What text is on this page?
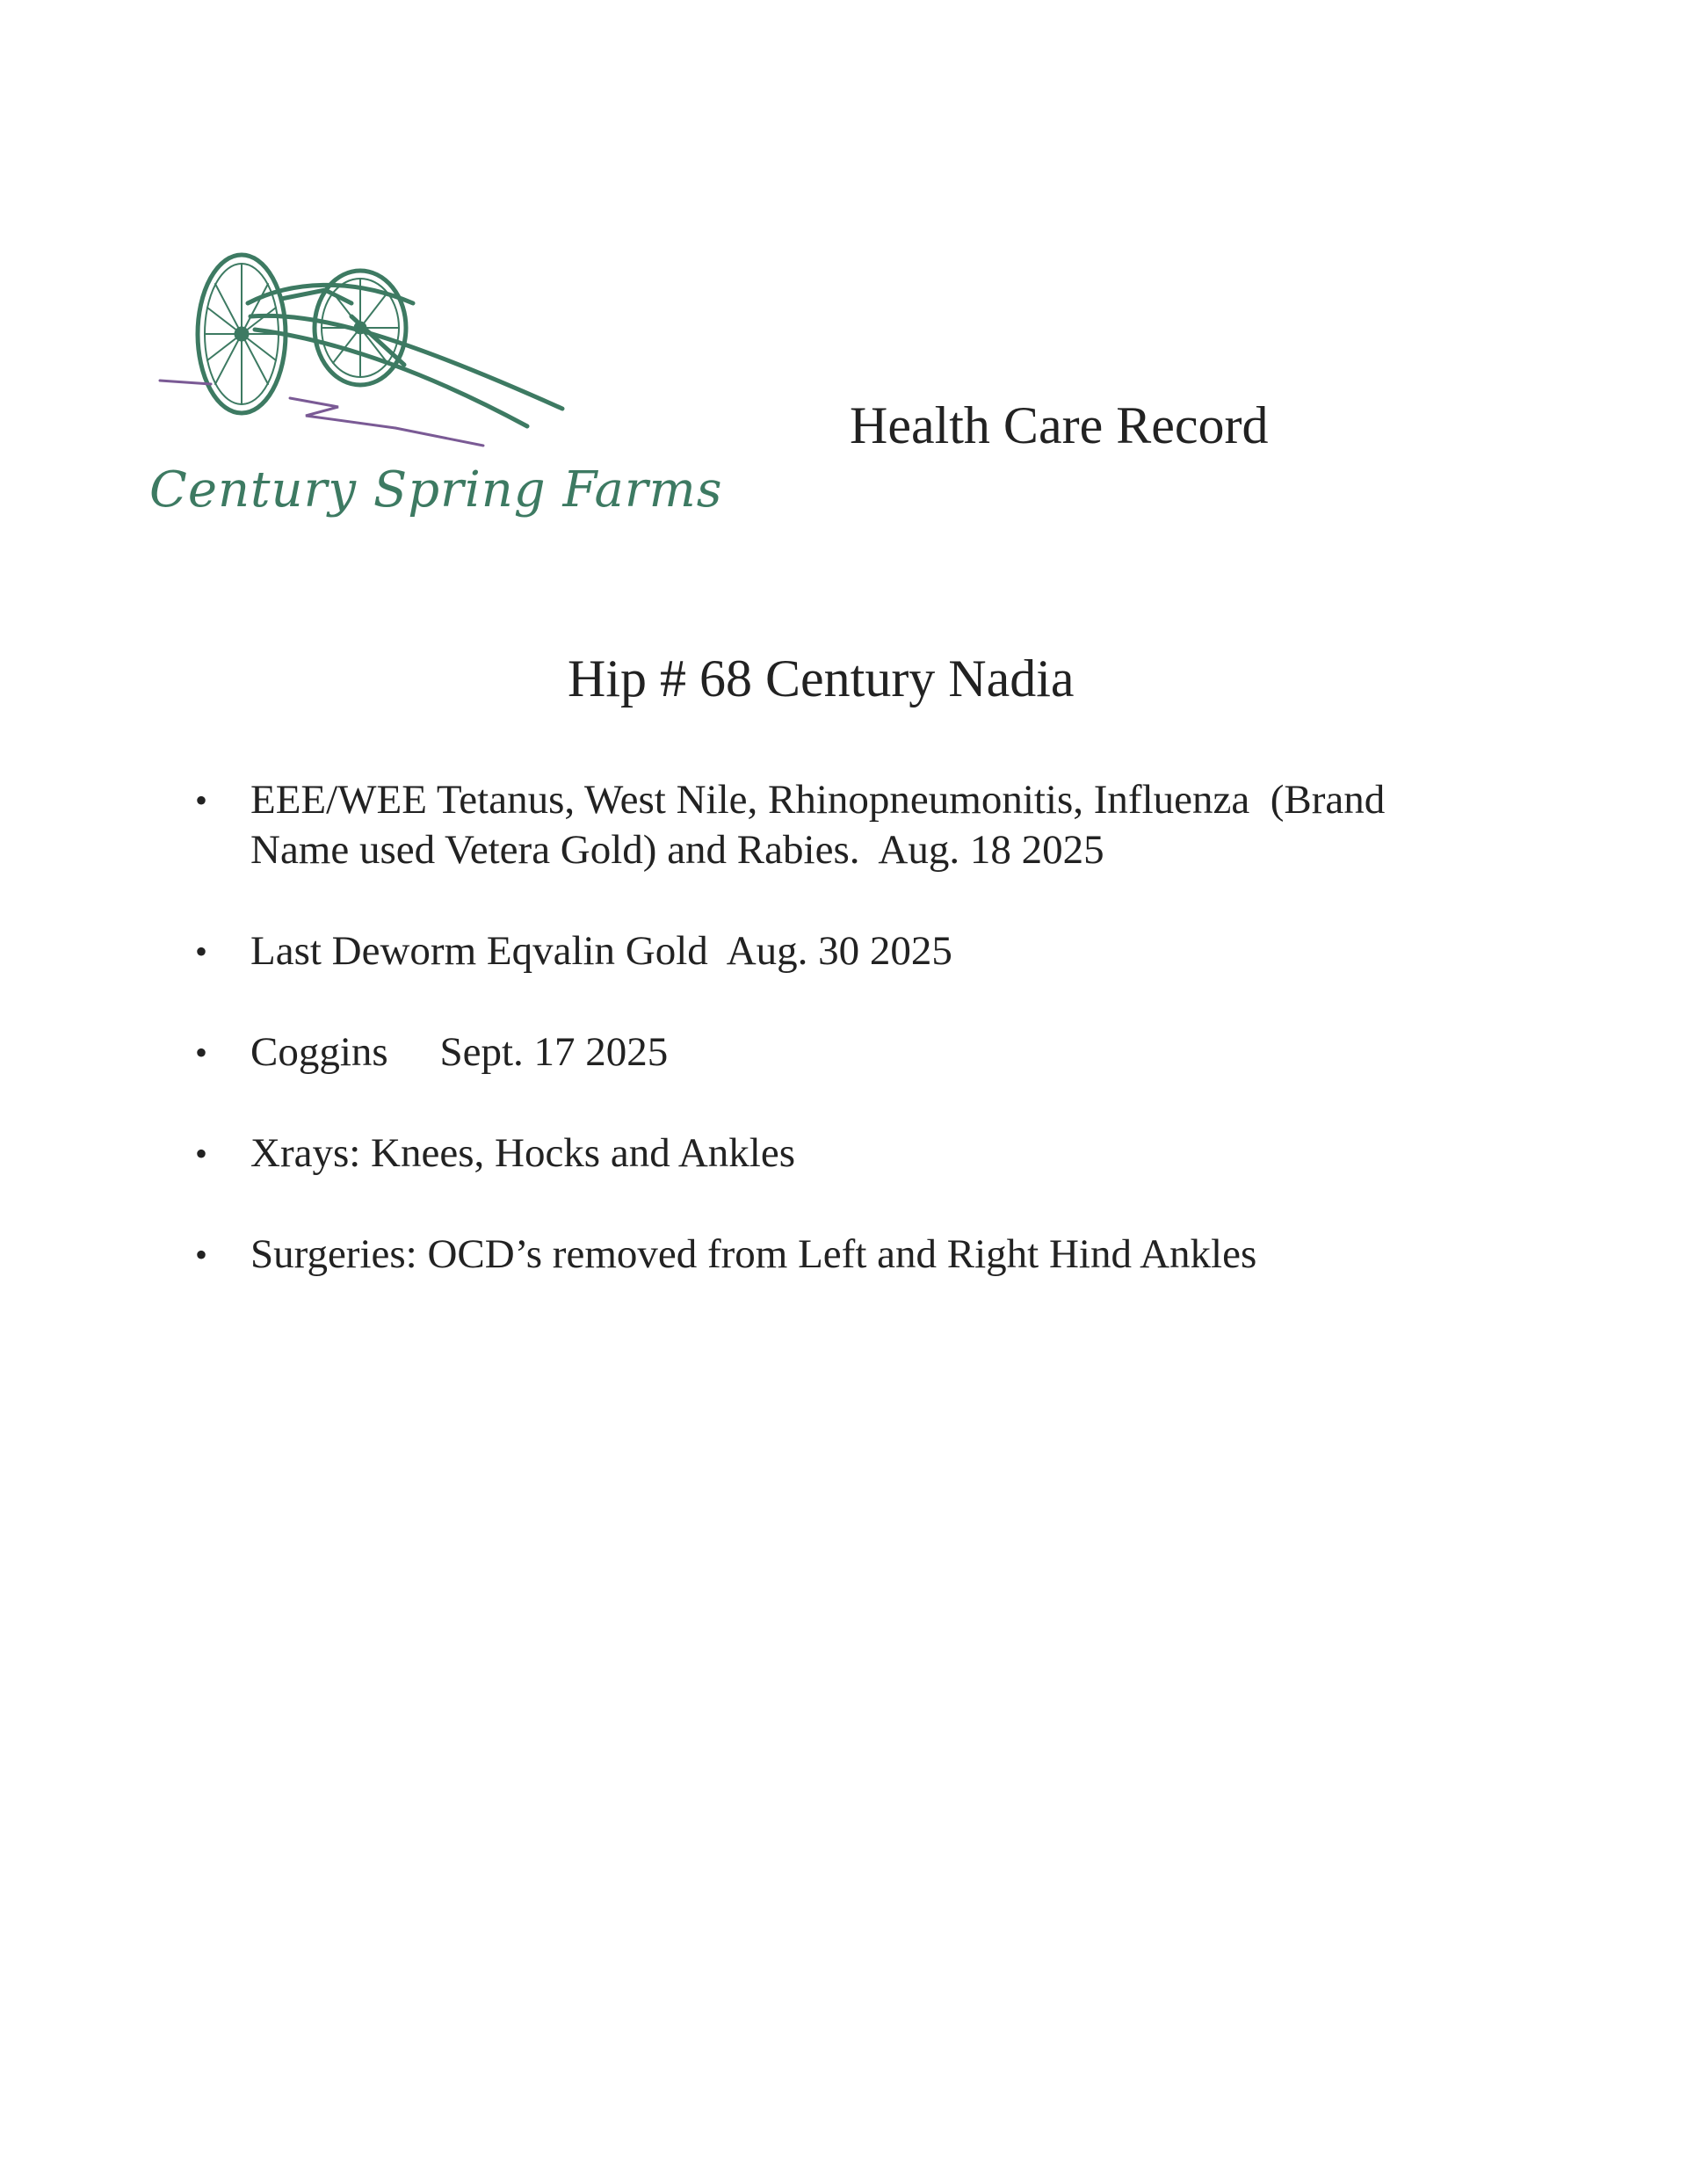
Century Spring Farms
Health Care Record
Hip # 68 Century Nadia
• EEE/WEE Tetanus, West Nile, Rhinopneumonitis, Influenza  (Brand
Name used Vetera Gold) and Rabies.  Aug. 18 2025
• Last Deworm Eqvalin Gold  Aug. 30 2025
• Coggins     Sept. 17 2025
• Xrays: Knees, Hocks and Ankles
• Surgeries: OCD’s removed from Left and Right Hind Ankles
